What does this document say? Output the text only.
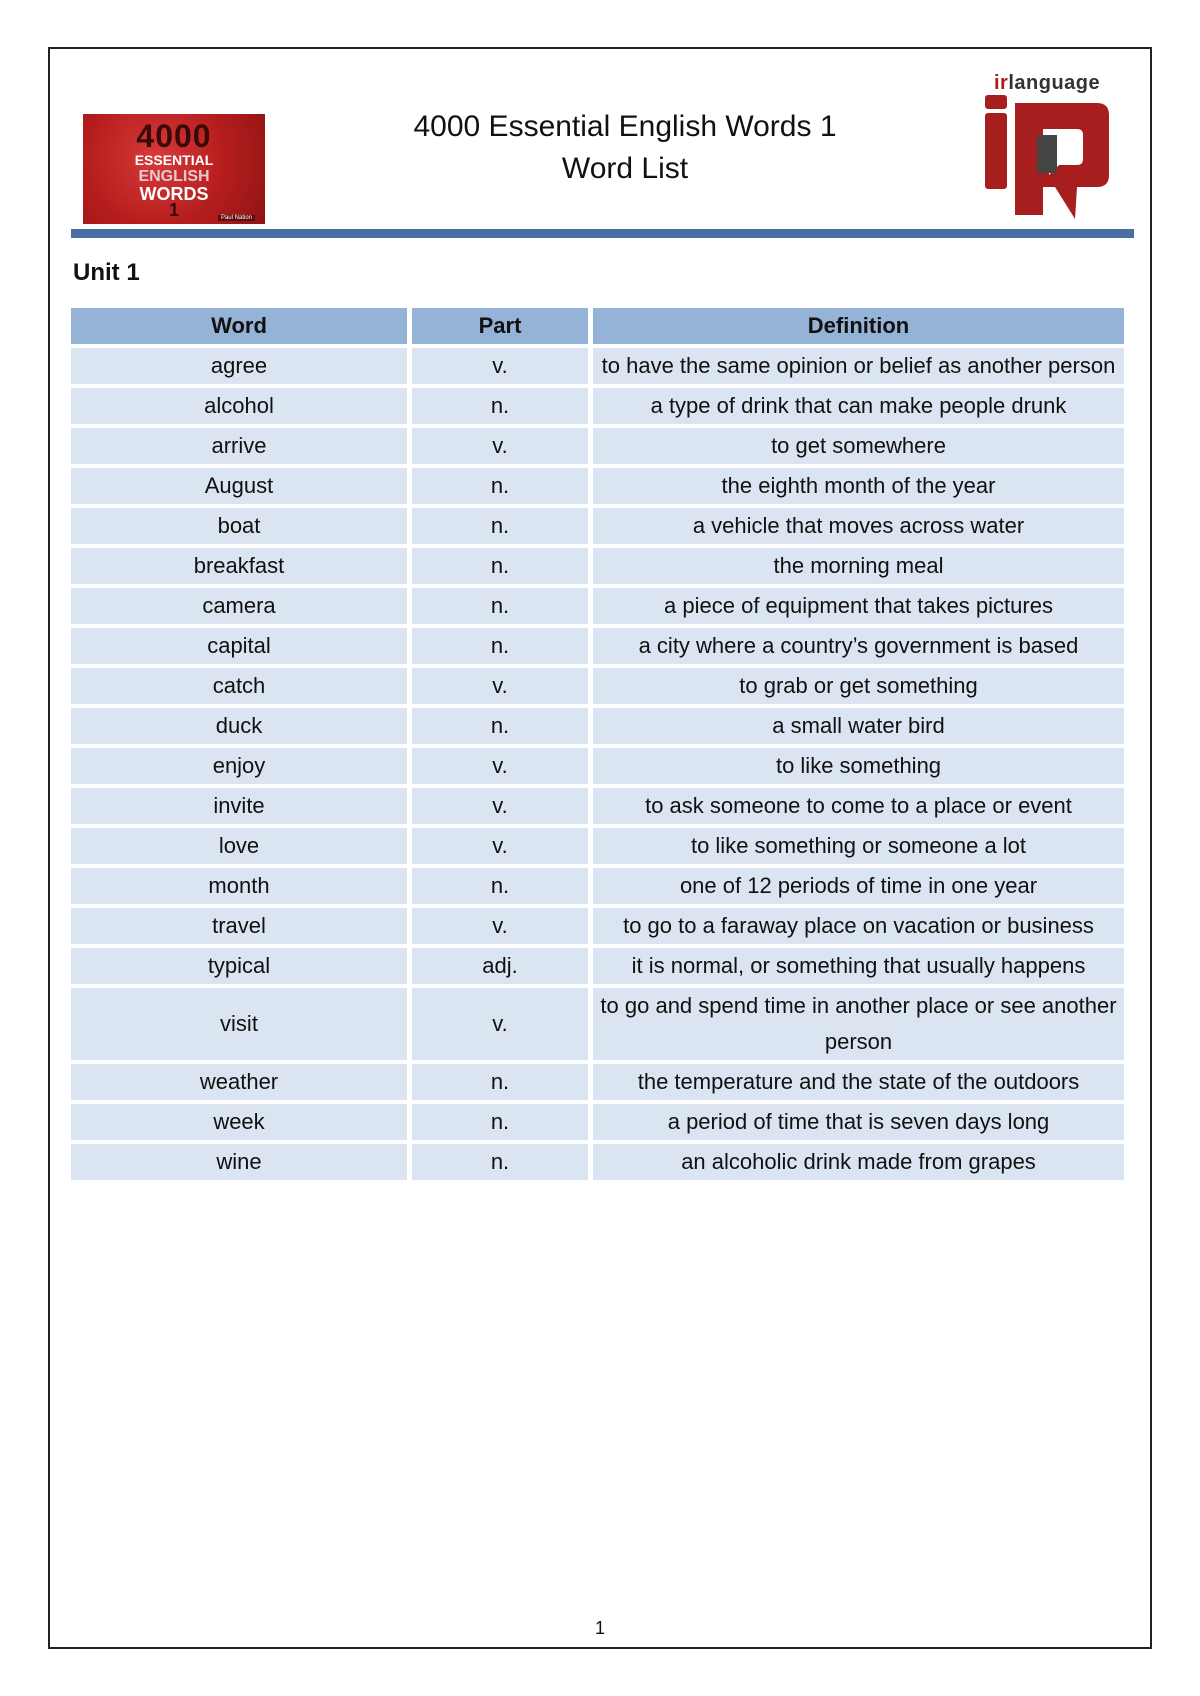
4000
ESSENTIAL
ENGLISH
WORDS
1	Paul Nation
4000 Essential English Words 1
Word List
irlanguage
Unit 1
Word	Part	Definition
agree	v.	to have the same opinion or belief as another person
alcohol	n.	a type of drink that can make people drunk
arrive	v.	to get somewhere
August	n.	the eighth month of the year
boat	n.	a vehicle that moves across water
breakfast	n.	the morning meal
camera	n.	a piece of equipment that takes pictures
capital	n.	a city where a country’s government is based
catch	v.	to grab or get something
duck	n.	a small water bird
enjoy	v.	to like something
invite	v.	to ask someone to come to a place or event
love	v.	to like something or someone a lot
month	n.	one of 12 periods of time in one year
travel	v.	to go to a faraway place on vacation or business
typical	adj.	it is normal, or something that usually happens
visit	v.	to go and spend time in another place or see another person
weather	n.	the temperature and the state of the outdoors
week	n.	a period of time that is seven days long
wine	n.	an alcoholic drink made from grapes
1
